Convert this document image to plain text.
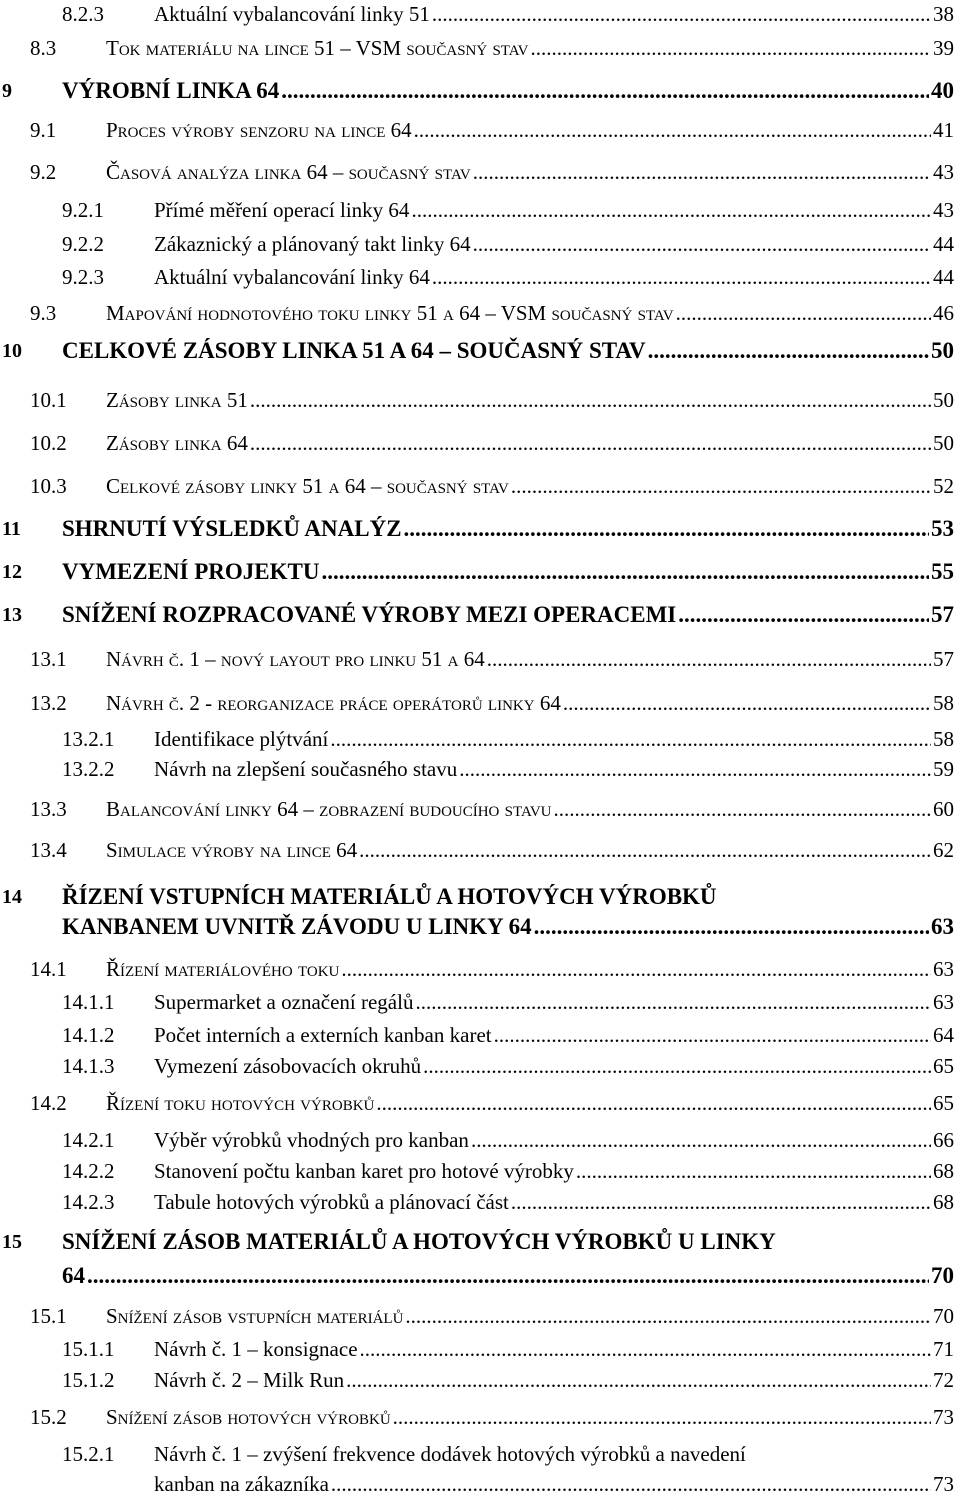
8.2.3 Aktuální vybalancování linky 51 .....	38
8.3 Tok materiálu na lince 51 – VSM současný stav .....	39
9 VÝROBNÍ LINKA 64 .....	40
9.1 Proces výroby senzoru na lince 64 .....	41
9.2 Časová analýza linka 64 – současný stav .....	43
9.2.1 Přímé měření operací linky 64 .....	43
9.2.2 Zákaznický a plánovaný takt linky 64 .....	44
9.2.3 Aktuální vybalancování linky 64 .....	44
9.3 Mapování hodnotového toku linky 51 a 64 – VSM současný stav .....	46
10 CELKOVÉ ZÁSOBY LINKA 51 A 64 – SOUČASNÝ STAV .....	50
10.1 Zásoby linka 51 .....	50
10.2 Zásoby linka 64 .....	50
10.3 Celkové zásoby linky 51 a 64 – současný stav .....	52
11 SHRNUTÍ VÝSLEDKŮ ANALÝZ .....	53
12 VYMEZENÍ PROJEKTU .....	55
13 SNÍŽENÍ ROZPRACOVANÉ VÝROBY MEZI OPERACEMI .....	57
13.1 Návrh č. 1 – nový layout pro linku 51 a 64 .....	57
13.2 Návrh č. 2 - reorganizace práce operátorů linky 64 .....	58
13.2.1 Identifikace plýtvání .....	58
13.2.2 Návrh na zlepšení současného stavu .....	59
13.3 Balancování linky 64 – zobrazení budoucího stavu .....	60
13.4 Simulace výroby na lince 64 .....	62
14 ŘÍZENÍ VSTUPNÍCH MATERIÁLŮ A HOTOVÝCH VÝROBKŮ
KANBANEM UVNITŘ ZÁVODU U LINKY 64 .....	63
14.1 Řízení materiálového toku .....	63
14.1.1 Supermarket a označení regálů .....	63
14.1.2 Počet interních a externích kanban karet .....	64
14.1.3 Vymezení zásobovacích okruhů .....	65
14.2 Řízení toku hotových výrobků .....	65
14.2.1 Výběr výrobků vhodných pro kanban .....	66
14.2.2 Stanovení počtu kanban karet pro hotové výrobky .....	68
14.2.3 Tabule hotových výrobků a plánovací část .....	68
15 SNÍŽENÍ ZÁSOB MATERIÁLŮ A HOTOVÝCH VÝROBKŮ U LINKY
64 .....	70
15.1 Snížení zásob vstupních materiálů .....	70
15.1.1 Návrh č. 1 – konsignace .....	71
15.1.2 Návrh č. 2 – Milk Run .....	72
15.2 Snížení zásob hotových výrobků .....	73
15.2.1 Návrh č. 1 – zvýšení frekvence dodávek hotových výrobků a navedení
kanban na zákazníka .....	73
